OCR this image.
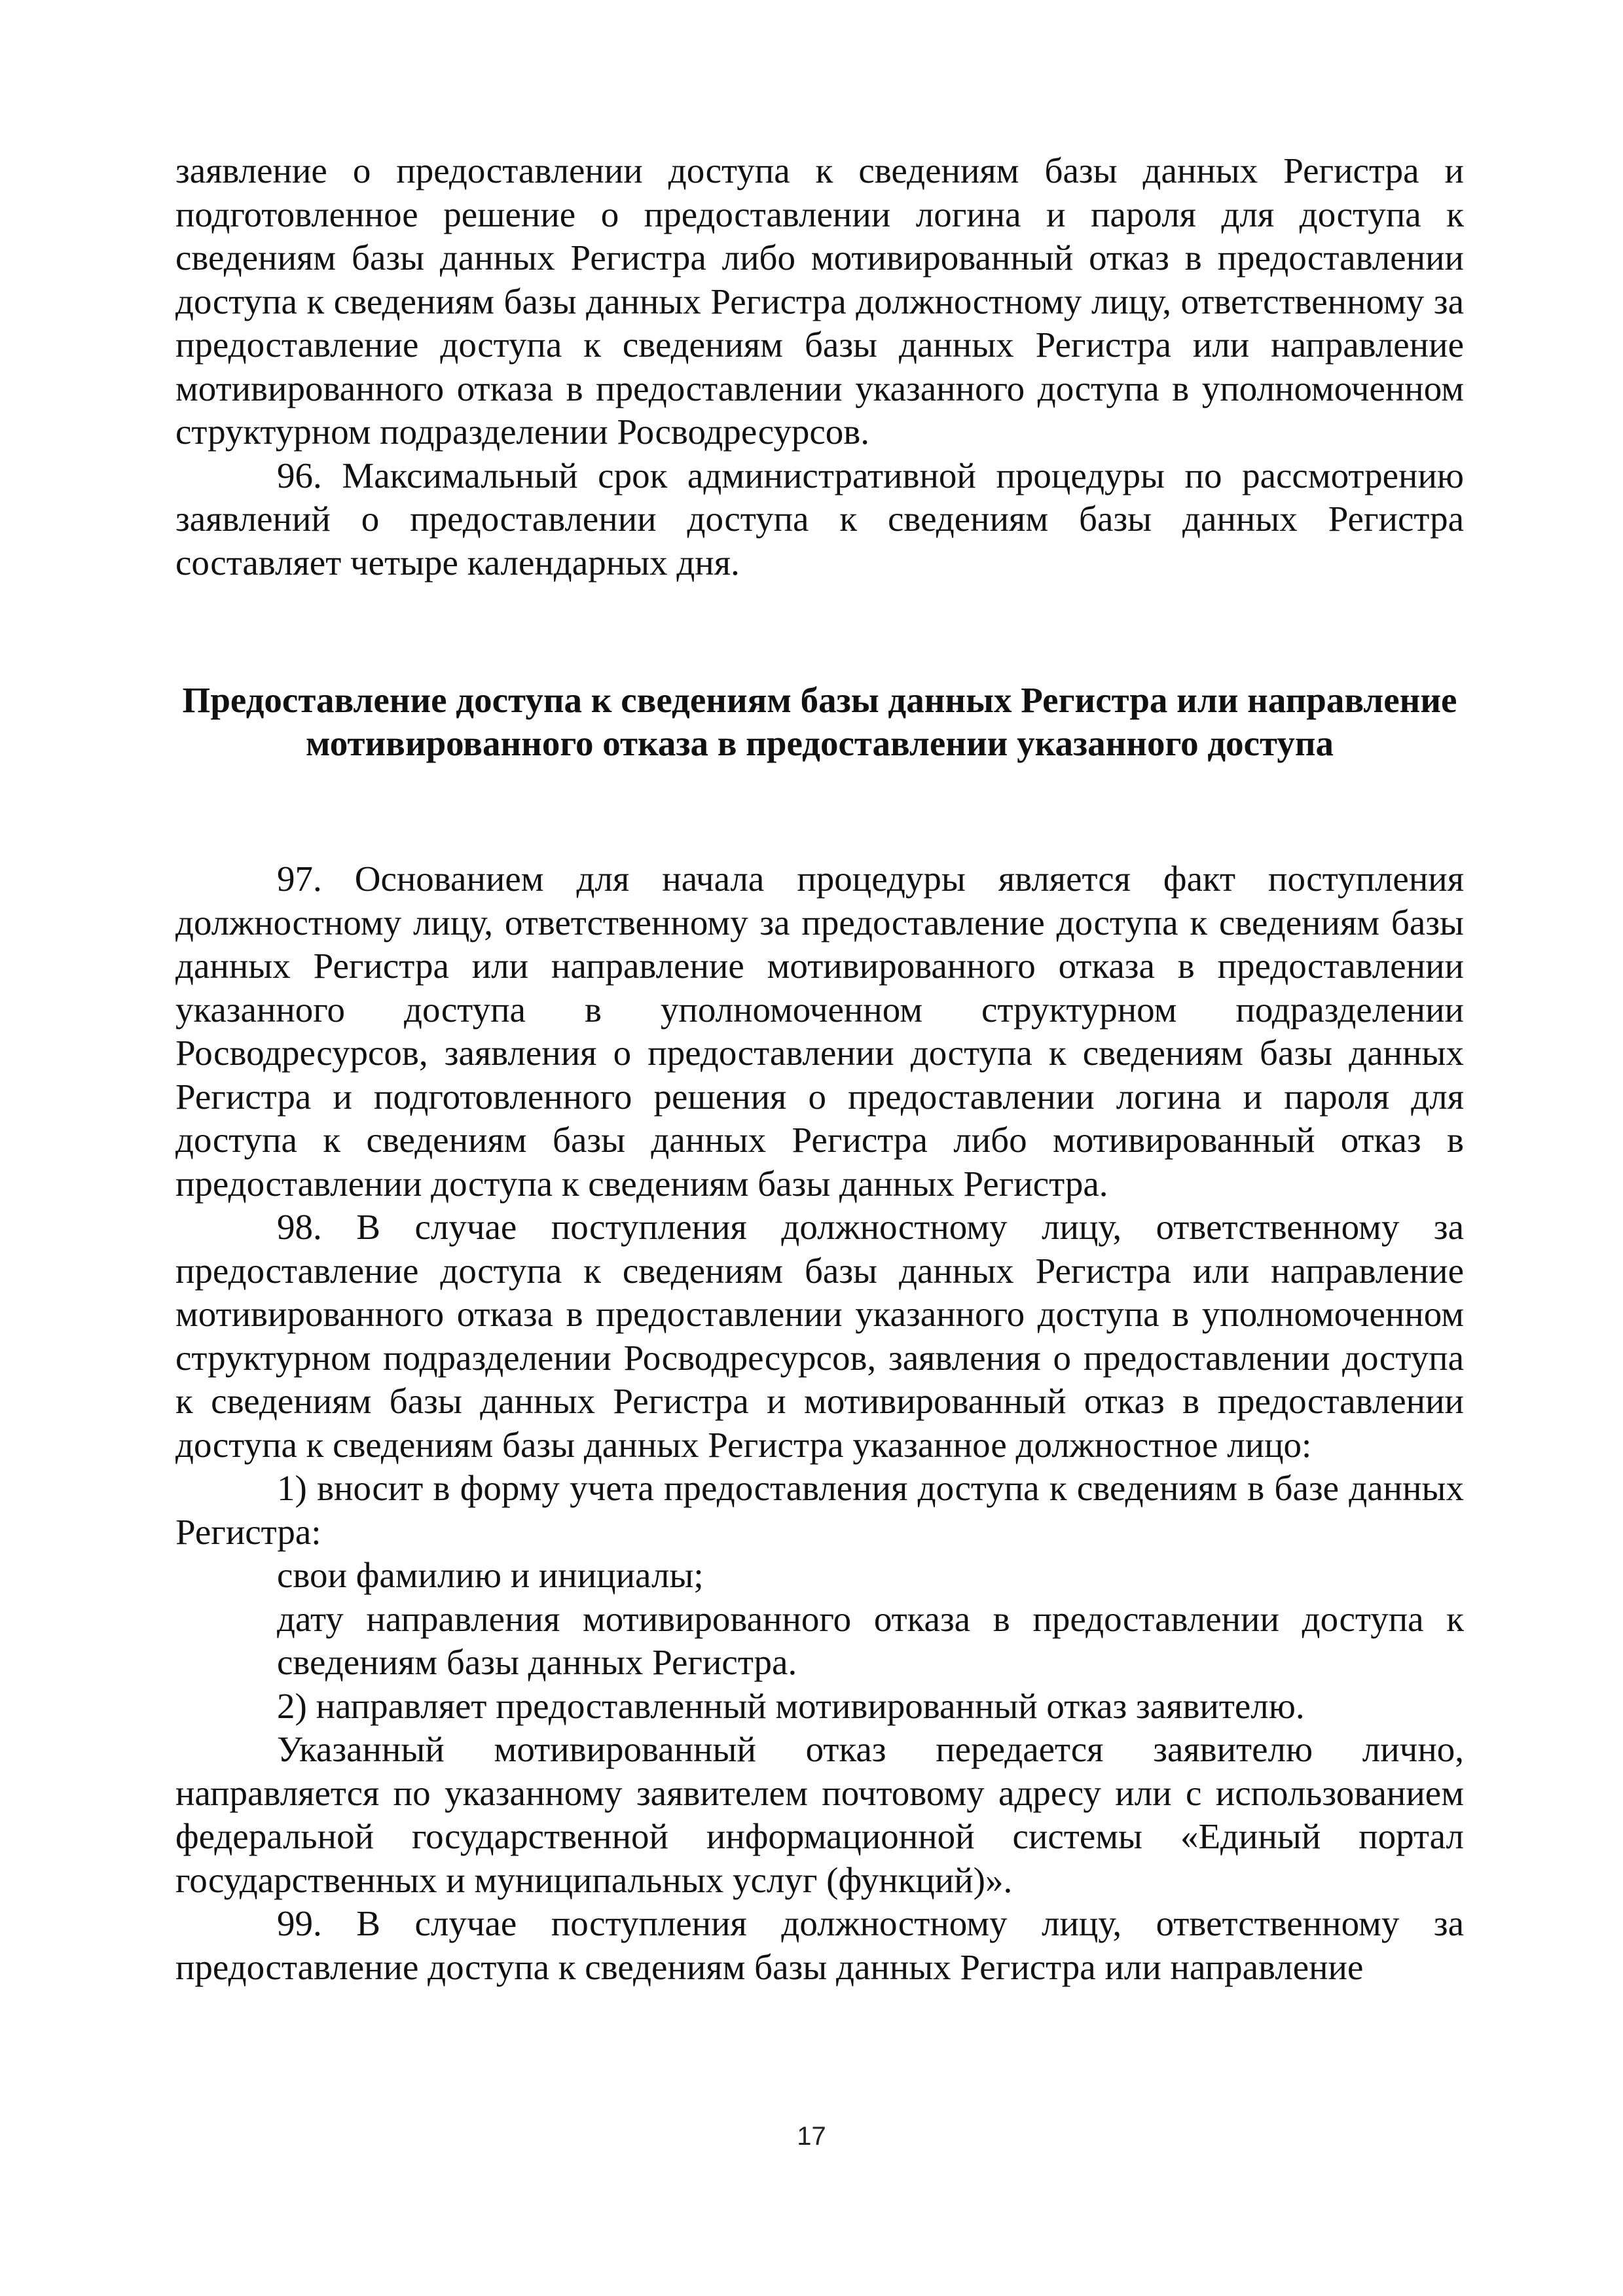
заявление о предоставлении доступа к сведениям базы данных Регистра и подготовленное решение о предоставлении логина и пароля для доступа к сведениям базы данных Регистра либо мотивированный отказ в предоставлении доступа к сведениям базы данных Регистра должностному лицу, ответственному за предоставление доступа к сведениям базы данных Регистра или направление мотивированного отказа в предоставлении указанного доступа в уполномоченном структурном подразделении Росводресурсов.

96. Максимальный срок административной процедуры по рассмотрению заявлений о предоставлении доступа к сведениям базы данных Регистра составляет четыре календарных дня.

Предоставление доступа к сведениям базы данных Регистра или направление мотивированного отказа в предоставлении указанного доступа

97. Основанием для начала процедуры является факт поступления должностному лицу, ответственному за предоставление доступа к сведениям базы данных Регистра или направление мотивированного отказа в предоставлении указанного доступа в уполномоченном структурном подразделении Росводресурсов, заявления о предоставлении доступа к сведениям базы данных Регистра и подготовленного решения о предоставлении логина и пароля для доступа к сведениям базы данных Регистра либо мотивированный отказ в предоставлении доступа к сведениям базы данных Регистра.

98. В случае поступления должностному лицу, ответственному за предоставление доступа к сведениям базы данных Регистра или направление мотивированного отказа в предоставлении указанного доступа в уполномоченном структурном подразделении Росводресурсов, заявления о предоставлении доступа к сведениям базы данных Регистра и мотивированный отказ в предоставлении доступа к сведениям базы данных Регистра указанное должностное лицо:

1) вносит в форму учета предоставления доступа к сведениям в базе данных Регистра:

свои фамилию и инициалы;

дату направления мотивированного отказа в предоставлении доступа к сведениям базы данных Регистра.

2) направляет предоставленный мотивированный отказ заявителю.

Указанный мотивированный отказ передается заявителю лично, направляется по указанному заявителем почтовому адресу или с использованием федеральной государственной информационной системы «Единый портал государственных и муниципальных услуг (функций)».

99. В случае поступления должностному лицу, ответственному за предоставление доступа к сведениям базы данных Регистра или направление

17
